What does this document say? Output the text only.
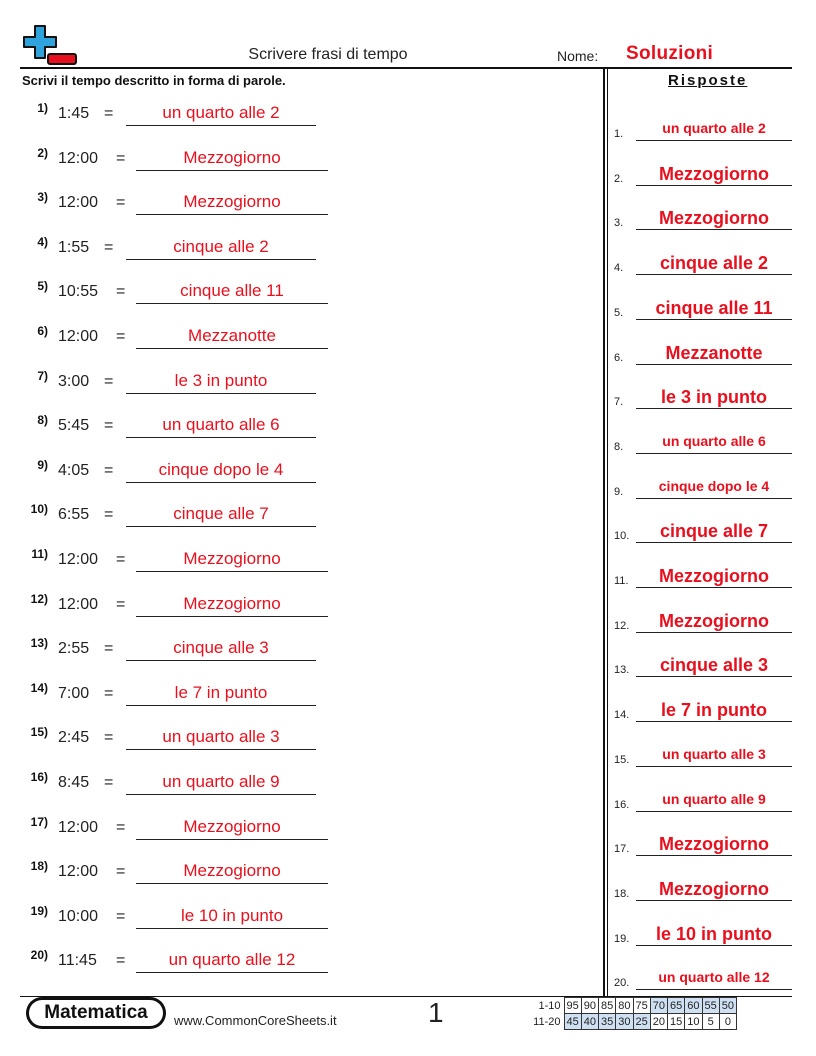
Scrivere frasi di tempo	Nome: Soluzioni
Scrivi il tempo descritto in forma di parole.	Risposte
1) 1:45 =	un quarto alle 2
2) 12:00 =	Mezzogiorno
3) 12:00 =	Mezzogiorno
4) 1:55 =	cinque alle 2
5) 10:55 =	cinque alle 11
6) 12:00 =	Mezzanotte
7) 3:00 =	le 3 in punto
8) 5:45 =	un quarto alle 6
9) 4:05 =	cinque dopo le 4
10) 6:55 =	cinque alle 7
11) 12:00 =	Mezzogiorno
12) 12:00 =	Mezzogiorno
13) 2:55 =	cinque alle 3
14) 7:00 =	le 7 in punto
15) 2:45 =	un quarto alle 3
16) 8:45 =	un quarto alle 9
17) 12:00 =	Mezzogiorno
18) 12:00 =	Mezzogiorno
19) 10:00 =	le 10 in punto
20) 11:45 =	un quarto alle 12
1.	un quarto alle 2
2.	Mezzogiorno
3.	Mezzogiorno
4.	cinque alle 2
5.	cinque alle 11
6.	Mezzanotte
7.	le 3 in punto
8.	un quarto alle 6
9.	cinque dopo le 4
10.	cinque alle 7
11.	Mezzogiorno
12.	Mezzogiorno
13.	cinque alle 3
14.	le 7 in punto
15.	un quarto alle 3
16.	un quarto alle 9
17.	Mezzogiorno
18.	Mezzogiorno
19.	le 10 in punto
20.	un quarto alle 12
Matematica	www.CommonCoreSheets.it	1	1-10	95	90	85	80	75	70	65	60	55	50
11-20	45	40	35	30	25	20	15	10	5	0
